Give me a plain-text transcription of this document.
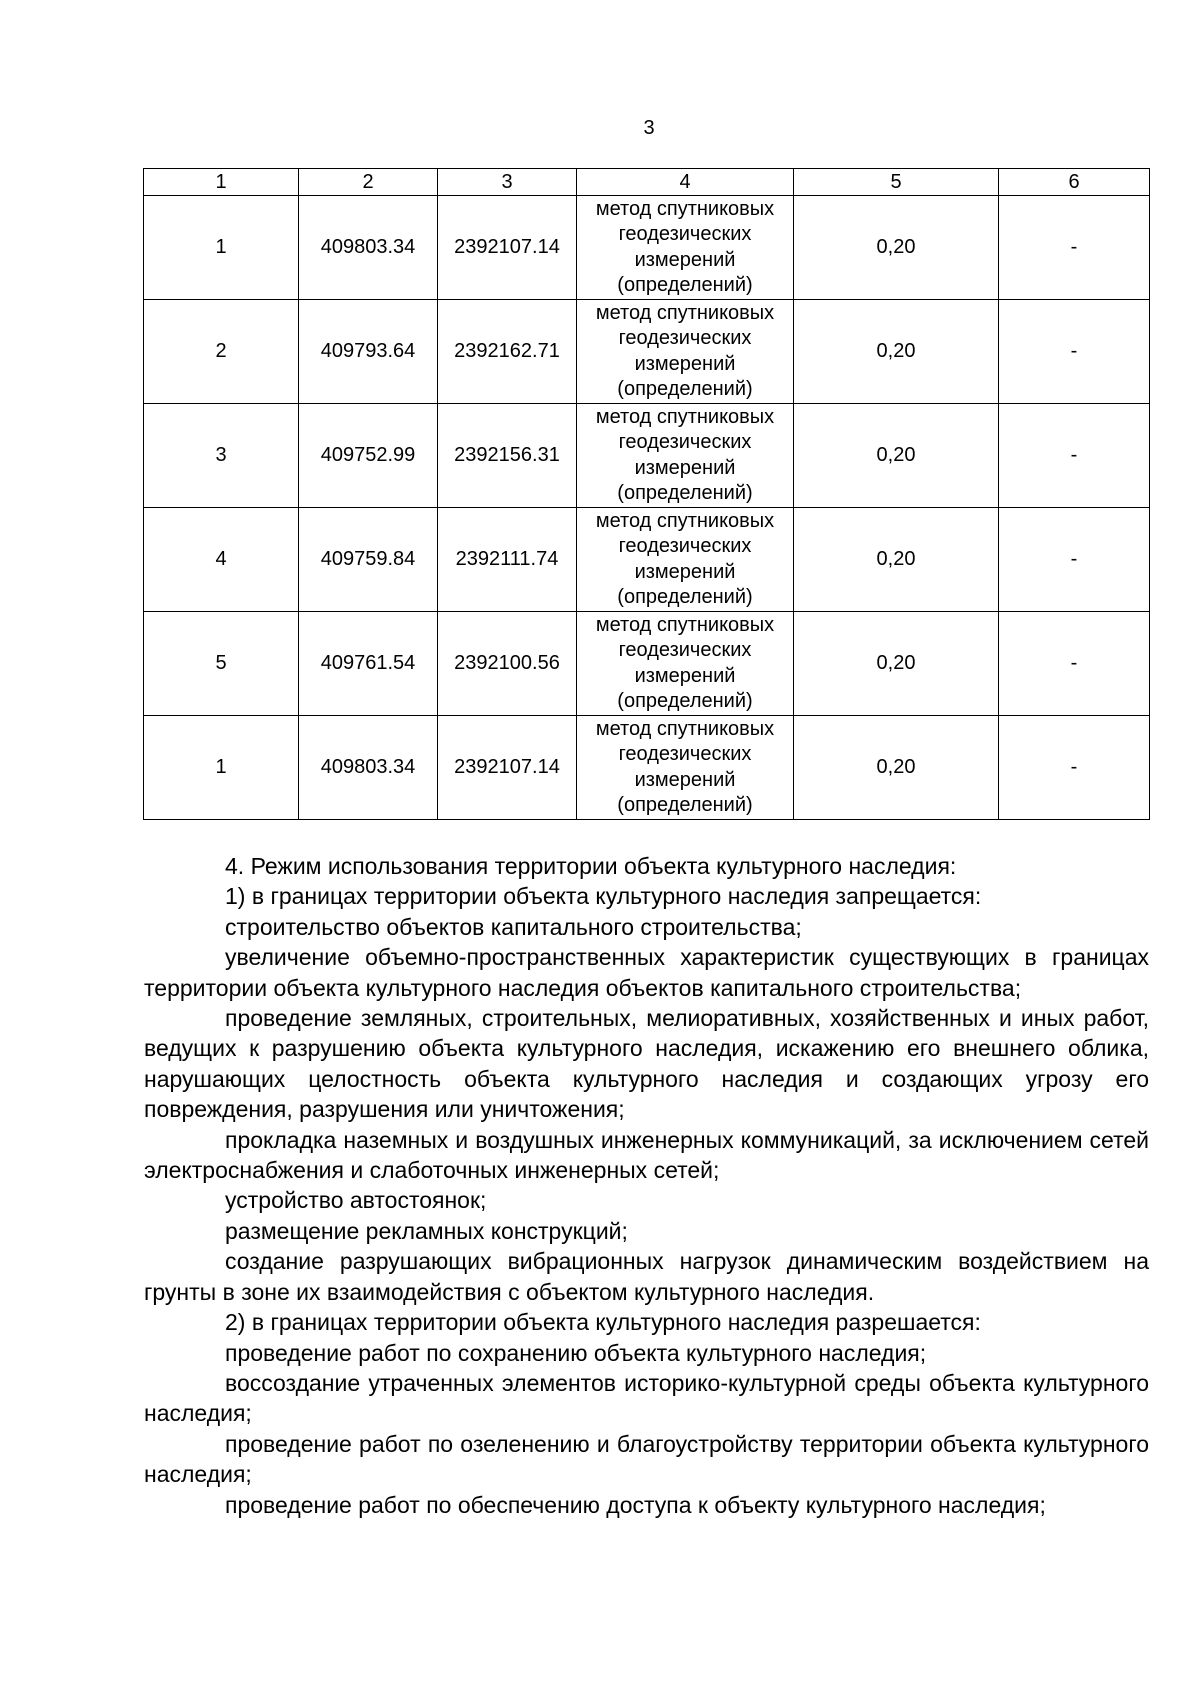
3
1	2	3	4	5	6
1	409803.34	2392107.14	метод спутниковых
геодезических
измерений
(определений)	0,20	-
2	409793.64	2392162.71	метод спутниковых
геодезических
измерений
(определений)	0,20	-
3	409752.99	2392156.31	метод спутниковых
геодезических
измерений
(определений)	0,20	-
4	409759.84	2392111.74	метод спутниковых
геодезических
измерений
(определений)	0,20	-
5	409761.54	2392100.56	метод спутниковых
геодезических
измерений
(определений)	0,20	-
1	409803.34	2392107.14	метод спутниковых
геодезических
измерений
(определений)	0,20	-

4. Режим использования территории объекта культурного наследия:

1) в границах территории объекта культурного наследия запрещается:

строительство объектов капитального строительства;

увеличение объемно-пространственных характеристик существующих в границах территории объекта культурного наследия объектов капитального строительства;

проведение земляных, строительных, мелиоративных, хозяйственных и иных работ, ведущих к разрушению объекта культурного наследия, искажению его внешнего облика, нарушающих целостность объекта культурного наследия и создающих угрозу его повреждения, разрушения или уничтожения;

прокладка наземных и воздушных инженерных коммуникаций, за исключением сетей электроснабжения и слаботочных инженерных сетей;

устройство автостоянок;

размещение рекламных конструкций;

создание разрушающих вибрационных нагрузок динамическим воздействием на грунты в зоне их взаимодействия с объектом культурного наследия.

2) в границах территории объекта культурного наследия разрешается:

проведение работ по сохранению объекта культурного наследия;

воссоздание утраченных элементов историко-культурной среды объекта культурного наследия;

проведение работ по озеленению и благоустройству территории объекта культурного наследия;

проведение работ по обеспечению доступа к объекту культурного наследия;
